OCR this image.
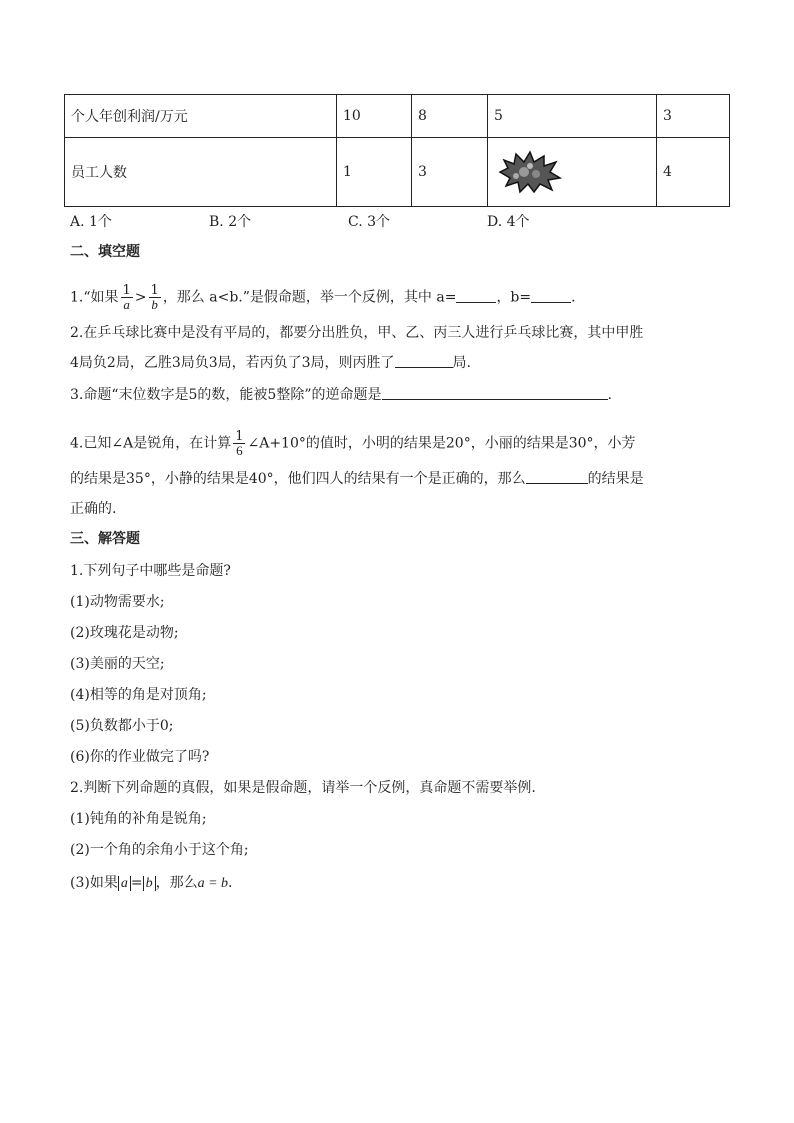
个人年创利润/万元	10	8	5	3
员工人数	1	3		4
A. 1个	B. 2个	C. 3个	D. 4个
二、填空题
1.“如果 $\frac{1}{a} > \frac{1}{b}$ ，那么 a<b.”是假命题，举一个反例，其中 a=	，b=	.
2.在乒乓球比赛中是没有平局的，都要分出胜负，甲、乙、丙三人进行乒乓球比赛，其中甲胜
4局负2局，乙胜3局负3局，若丙负了3局，则丙胜了	局.
3.命题“末位数字是5的数，能被5整除”的逆命题是	.
4.已知∠A是锐角，在计算 $\frac{1}{6}$ ∠A+10°的值时，小明的结果是20°，小丽的结果是30°，小芳
的结果是35°，小静的结果是40°，他们四人的结果有一个是正确的，那么	的结果是
正确的.
三、解答题
1.下列句子中哪些是命题?
(1)动物需要水;
(2)玫瑰花是动物;
(3)美丽的天空;
(4)相等的角是对顶角;
(5)负数都小于0;
(6)你的作业做完了吗?
2.判断下列命题的真假，如果是假命题，请举一个反例，真命题不需要举例.
(1)钝角的补角是锐角;
(2)一个角的余角小于这个角;
(3)如果 a = b ，那么a = b.
